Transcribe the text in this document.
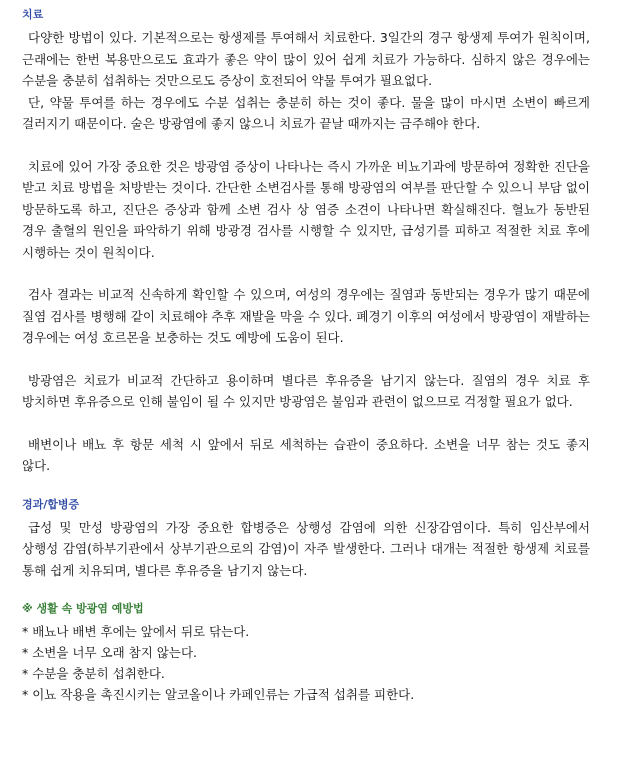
치료

다양한 방법이 있다. 기본적으로는 항생제를 투여해서 치료한다. 3일간의 경구 항생제 투여가 원칙이며, 근래에는 한번 복용만으로도 효과가 좋은 약이 많이 있어 쉽게 치료가 가능하다. 심하지 않은 경우에는 수분을 충분히 섭취하는 것만으로도 증상이 호전되어 약물 투여가 필요없다.

단, 약물 투여를 하는 경우에도 수분 섭취는 충분히 하는 것이 좋다. 물을 많이 마시면 소변이 빠르게 걸러지기 때문이다. 술은 방광염에 좋지 않으니 치료가 끝날 때까지는 금주해야 한다.

치료에 있어 가장 중요한 것은 방광염 증상이 나타나는 즉시 가까운 비뇨기과에 방문하여 정확한 진단을 받고 치료 방법을 처방받는 것이다. 간단한 소변검사를 통해 방광염의 여부를 판단할 수 있으니 부담 없이 방문하도록 하고, 진단은 증상과 함께 소변 검사 상 염증 소견이 나타나면 확실해진다. 혈뇨가 동반된 경우 출혈의 원인을 파악하기 위해 방광경 검사를 시행할 수 있지만, 급성기를 피하고 적절한 치료 후에 시행하는 것이 원칙이다.

검사 결과는 비교적 신속하게 확인할 수 있으며, 여성의 경우에는 질염과 동반되는 경우가 많기 때문에 질염 검사를 병행해 같이 치료해야 추후 재발을 막을 수 있다. 폐경기 이후의 여성에서 방광염이 재발하는 경우에는 여성 호르몬을 보충하는 것도 예방에 도움이 된다.

방광염은 치료가 비교적 간단하고 용이하며 별다른 후유증을 남기지 않는다. 질염의 경우 치료 후 방치하면 후유증으로 인해 불임이 될 수 있지만 방광염은 불임과 관련이 없으므로 걱정할 필요가 없다.

배변이나 배뇨 후 항문 세척 시 앞에서 뒤로 세척하는 습관이 중요하다. 소변을 너무 참는 것도 좋지 않다.

경과/합병증

급성 및 만성 방광염의 가장 중요한 합병증은 상행성 감염에 의한 신장감염이다. 특히 임산부에서 상행성 감염(하부기관에서 상부기관으로의 감염)이 자주 발생한다. 그러나 대개는 적절한 항생제 치료를 통해 쉽게 치유되며, 별다른 후유증을 남기지 않는다.

※ 생활 속 방광염 예방법
* 배뇨나 배변 후에는 앞에서 뒤로 닦는다.
* 소변을 너무 오래 참지 않는다.
* 수분을 충분히 섭취한다.
* 이뇨 작용을 촉진시키는 알코올이나 카페인류는 가급적 섭취를 피한다.
